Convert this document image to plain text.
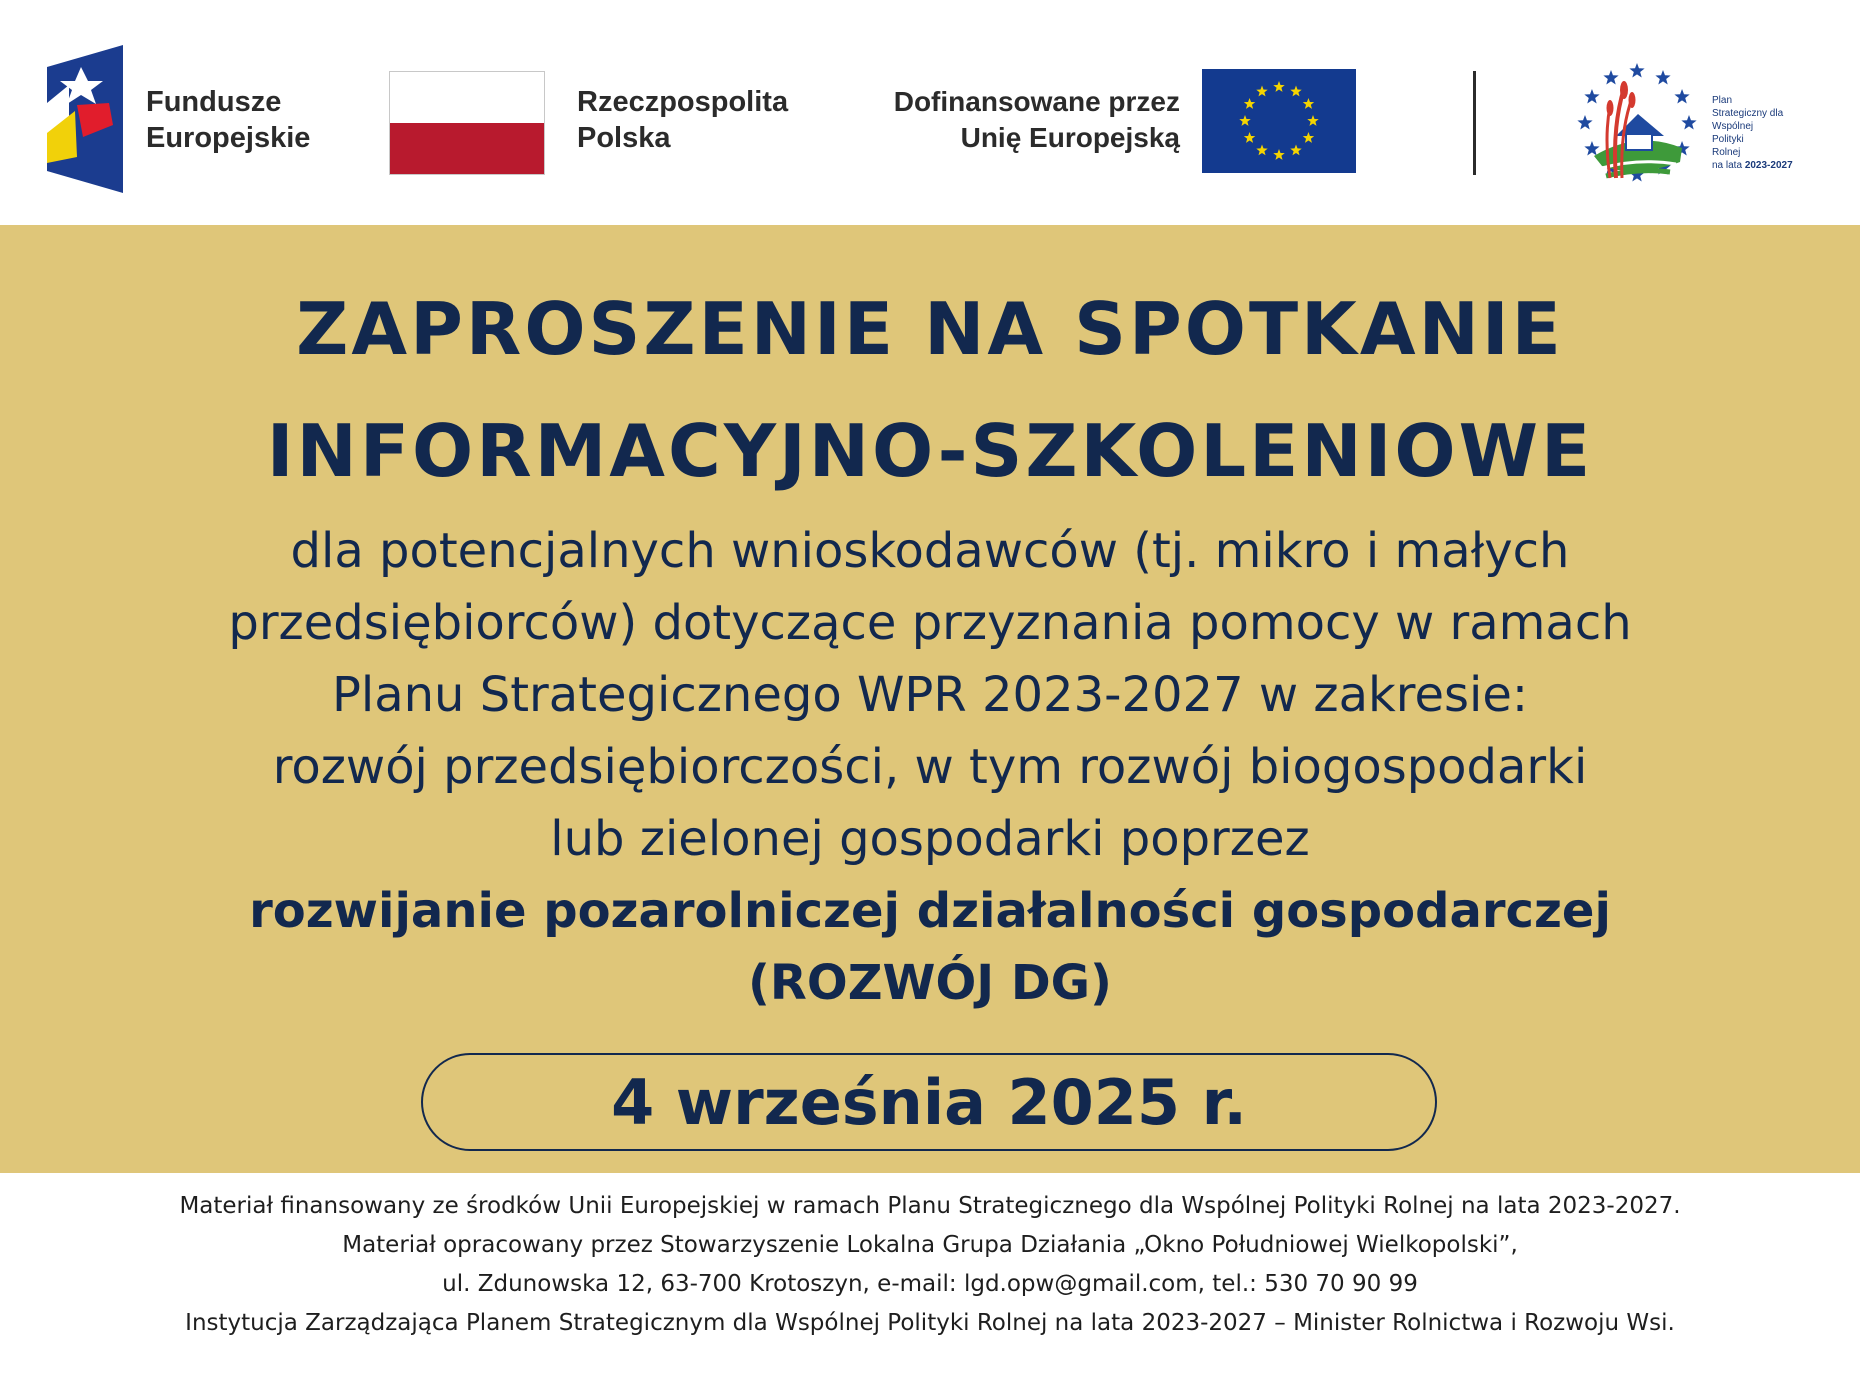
Fundusze
Europejskie
Rzeczpospolita
Polska
Dofinansowane przez
Unię Europejską
Plan
Strategiczny dla
Wspólnej
Polityki
Rolnej
na lata 2023-2027
ZAPROSZENIE NA SPOTKANIE
INFORMACYJNO-SZKOLENIOWE
dla potencjalnych wnioskodawców (tj. mikro i małych
przedsiębiorców) dotyczące przyznania pomocy w ramach
Planu Strategicznego WPR 2023-2027 w zakresie:
rozwój przedsiębiorczości, w tym rozwój biogospodarki
lub zielonej gospodarki poprzez
rozwijanie pozarolniczej działalności gospodarczej
(ROZWÓJ DG)
4 września 2025 r.
Materiał finansowany ze środków Unii Europejskiej w ramach Planu Strategicznego dla Wspólnej Polityki Rolnej na lata 2023-2027.
Materiał opracowany przez Stowarzyszenie Lokalna Grupa Działania „Okno Południowej Wielkopolski”,
ul. Zdunowska 12, 63-700 Krotoszyn, e-mail: lgd.opw@gmail.com, tel.: 530 70 90 99
Instytucja Zarządzająca Planem Strategicznym dla Wspólnej Polityki Rolnej na lata 2023-2027 – Minister Rolnictwa i Rozwoju Wsi.
